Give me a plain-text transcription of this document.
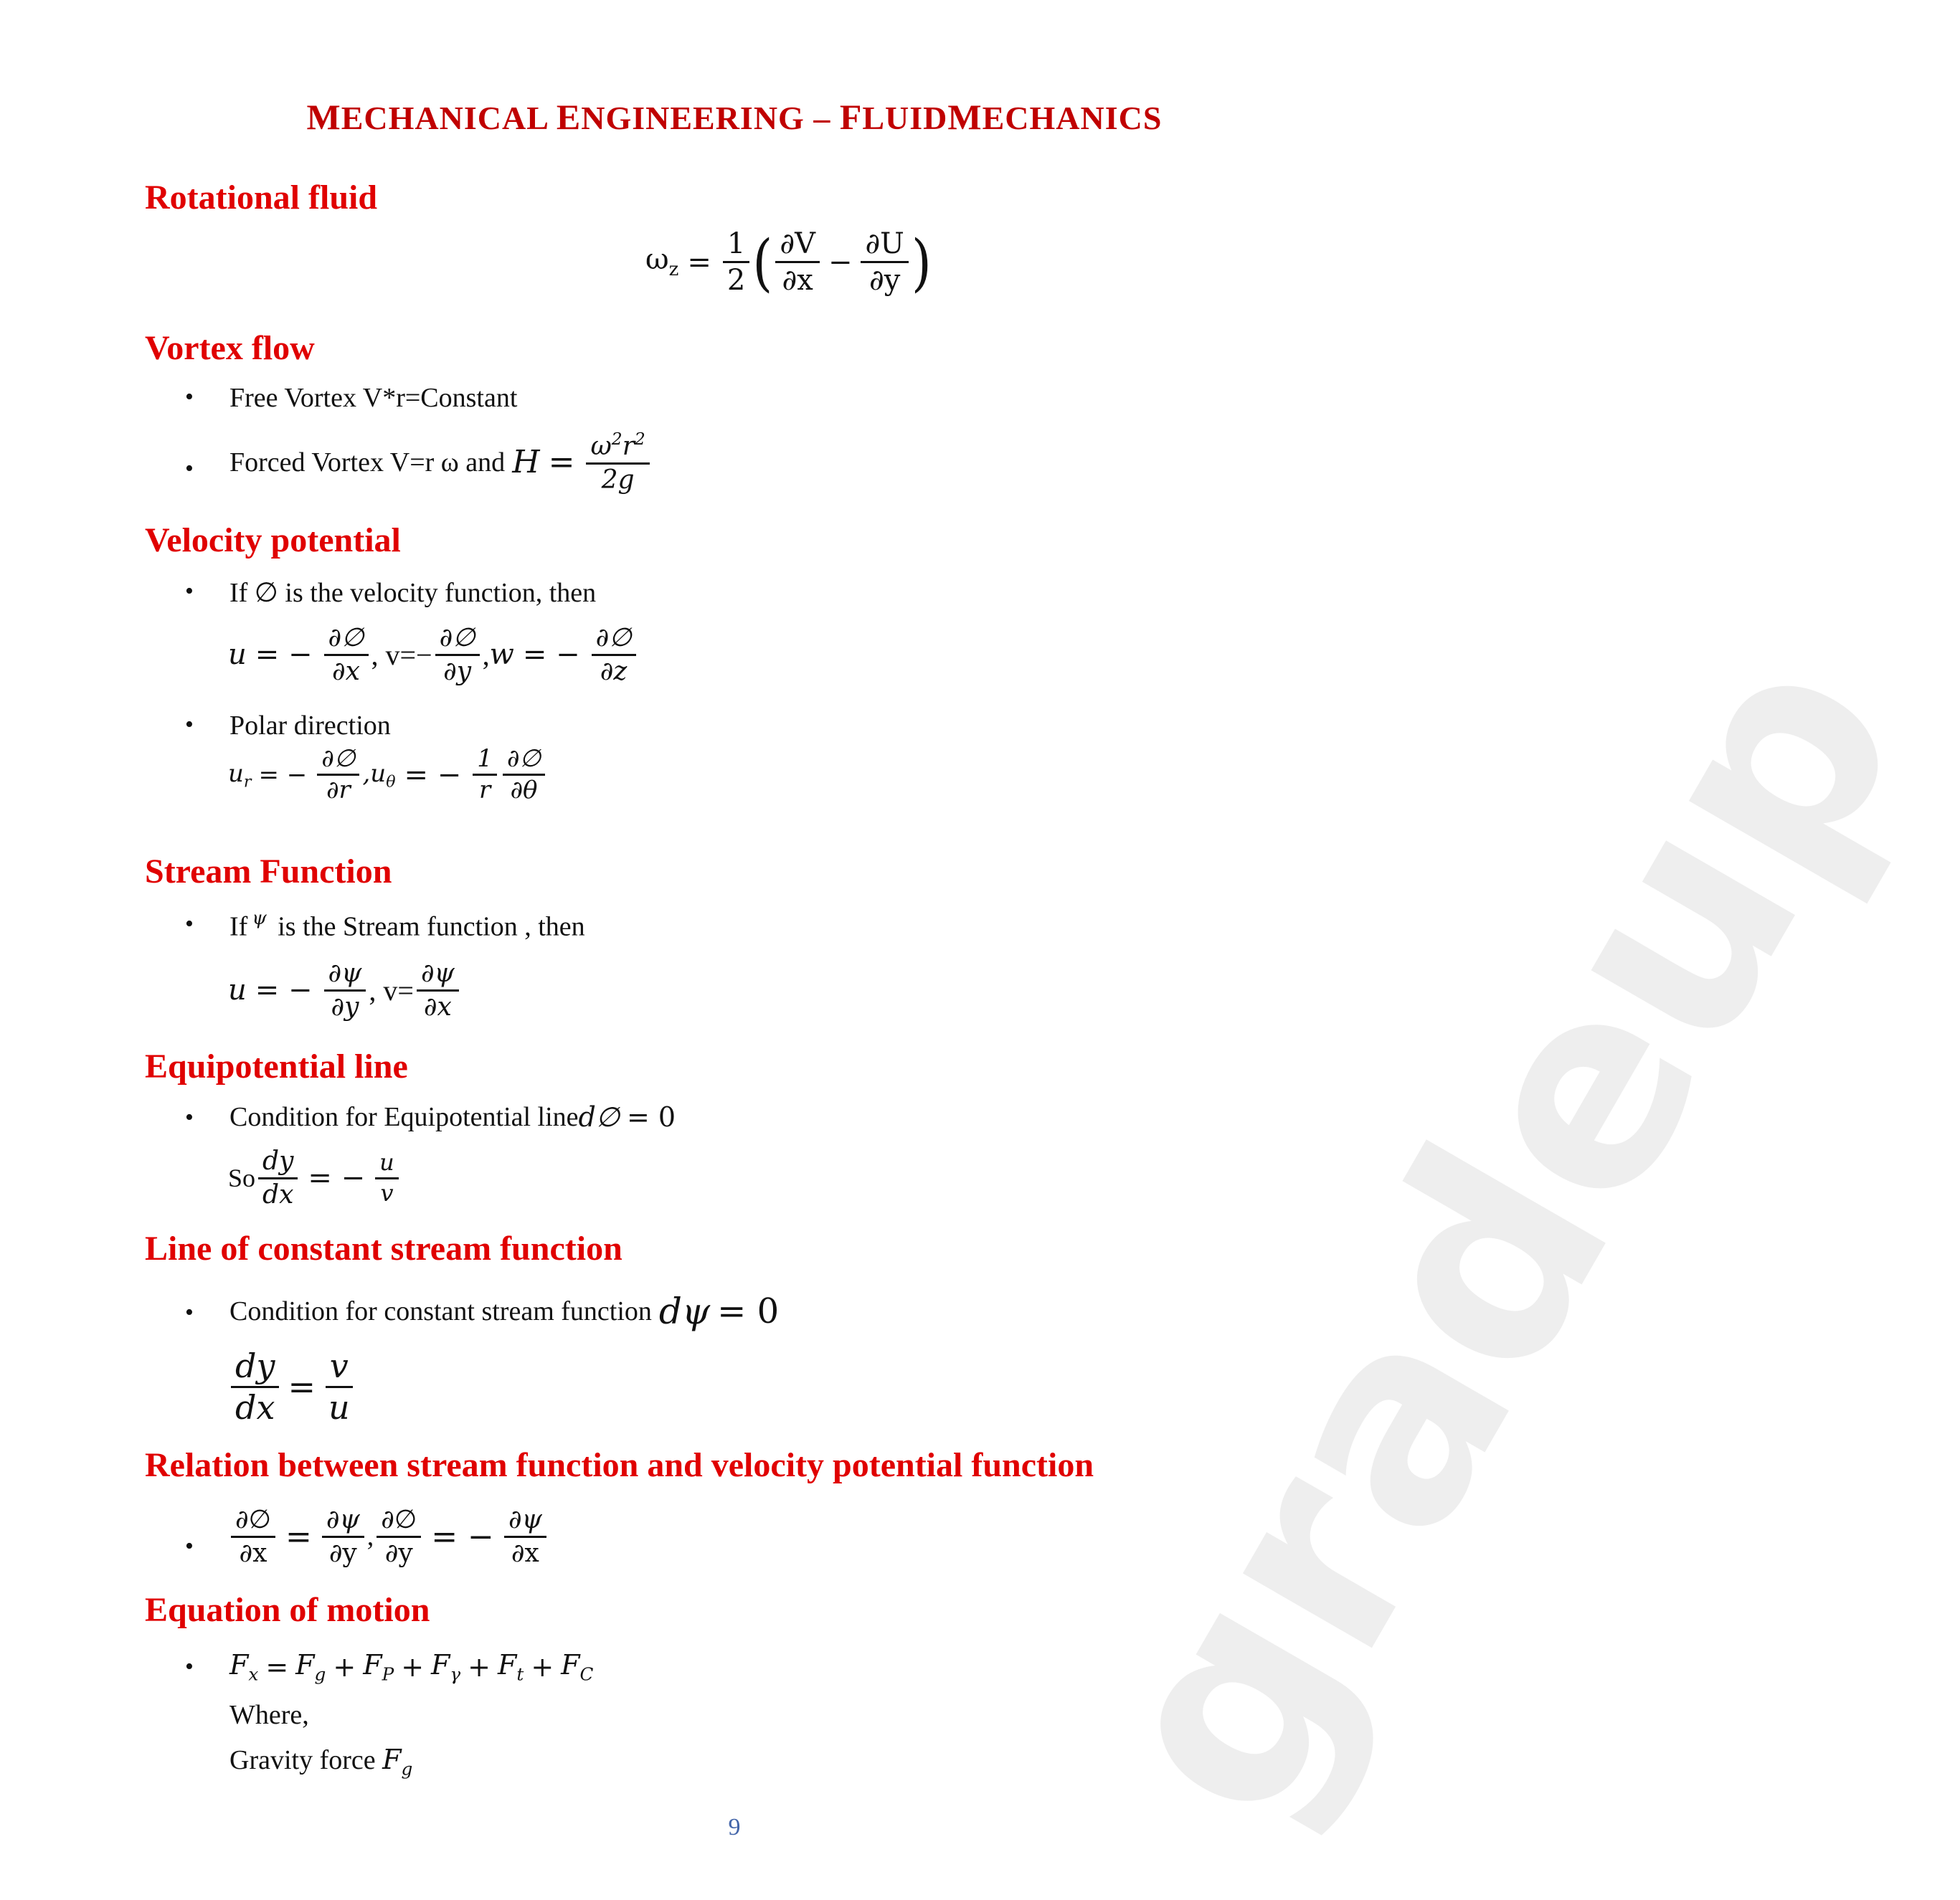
gradeup
MECHANICAL ENGINEERING – FLUIDMECHANICS
Rotational fluid
$\omega_z = \frac{1}{2}$ ( $\frac{\partial V}{\partial x} - \frac{\partial U}{\partial y}$ )
Vortex flow
• Free Vortex V*r=Constant
• Forced Vortex V=r ω and $H = \frac{\omega^2r^2}{2g}$
Velocity potential
• If ∅ is the velocity function, then
u = − $\frac{\partial\emptyset}{\partial x}$ , $v=- \frac{\partial\emptyset}{\partial y}$ , w = − $\frac{\partial\emptyset}{\partial z}$
• Polar direction
$u_r$ = − $\frac{\partial\emptyset}{\partial r} ,u_\theta$ = − $\frac{1}{r} \frac{\partial\emptyset}{\partial\theta}$
Stream Function
• If $^\psi$ is the Stream function , then
u = − $\frac{\partial\psi}{\partial y}$ , $v= \frac{\partial\psi}{\partial x}$
Equipotential line
• Condition for Equipotential line d∅ = 0
So $\frac{dy}{dx}$ = − $\frac{u}{v}$
Line of constant stream function
• Condition for constant stream function dψ = 0
$\frac{dy}{dx} = \frac{v}{u}$
Relation between stream function and velocity potential function
• $\frac{\partial\emptyset}{\partial x} = \frac{\partial\psi}{\partial y}$ , $\frac{\partial\emptyset}{\partial y}$ = − $\frac{\partial\psi}{\partial x}$
Equation of motion
• $F_x = F_g + F_P + F_\gamma + F_t + F_C$
Where,
Gravity force $F_g$
9
